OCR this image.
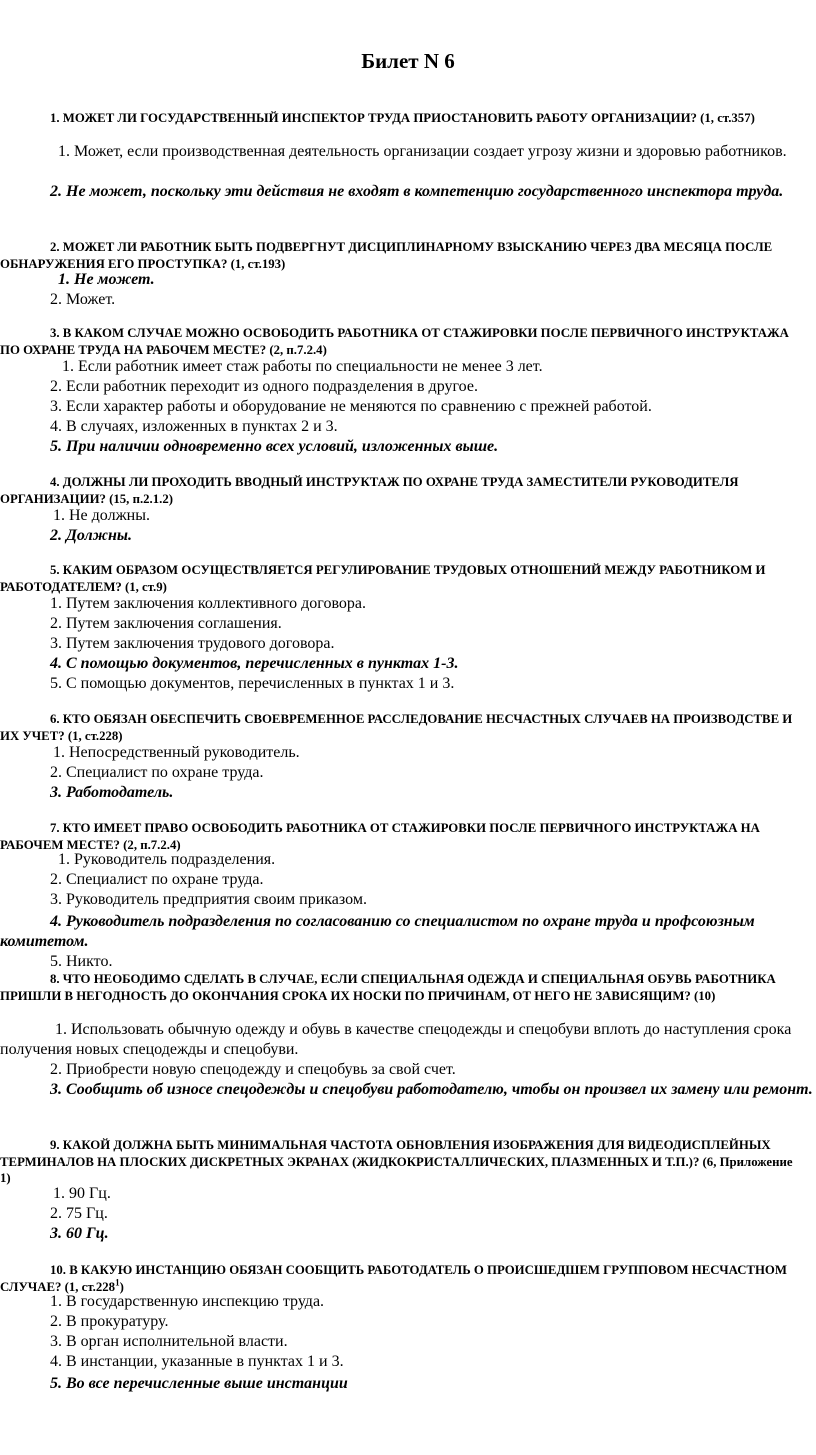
Билет N 6

1. МОЖЕТ ЛИ ГОСУДАРСТВЕННЫЙ ИНСПЕКТОР ТРУДА ПРИОСТАНОВИТЬ РАБОТУ ОРГАНИЗАЦИИ? (1, ст.357)

1. Может, если производственная деятельность организации создает угрозу жизни и здоровью работников.

2. Не может, поскольку эти действия не входят в компетенцию государственного инспектора труда.

2. МОЖЕТ ЛИ РАБОТНИК БЫТЬ ПОДВЕРГНУТ ДИСЦИПЛИНАРНОМУ ВЗЫСКАНИЮ ЧЕРЕЗ ДВА МЕСЯЦА ПОСЛЕ ОБНАРУЖЕНИЯ ЕГО ПРОСТУПКА? (1, ст.193)

1. Не может.

2. Может.

3. В КАКОМ СЛУЧАЕ МОЖНО ОСВОБОДИТЬ РАБОТНИКА ОТ СТАЖИРОВКИ ПОСЛЕ ПЕРВИЧНОГО ИНСТРУКТАЖА ПО ОХРАНЕ ТРУДА НА РАБОЧЕМ МЕСТЕ? (2, п.7.2.4)

1. Если работник имеет стаж работы по специальности не менее 3 лет.

2. Если работник переходит из одного подразделения в другое.

3. Если характер работы и оборудование не меняются по сравнению с прежней работой.

4. В случаях, изложенных в пунктах 2 и 3.

5. При наличии одновременно всех условий, изложенных выше.

4. ДОЛЖНЫ ЛИ ПРОХОДИТЬ ВВОДНЫЙ ИНСТРУКТАЖ ПО ОХРАНЕ ТРУДА ЗАМЕСТИТЕЛИ РУКОВОДИТЕЛЯ ОРГАНИЗАЦИИ? (15, п.2.1.2)

1. Не должны.

2. Должны.

5. КАКИМ ОБРАЗОМ ОСУЩЕСТВЛЯЕТСЯ РЕГУЛИРОВАНИЕ ТРУДОВЫХ ОТНОШЕНИЙ МЕЖДУ РАБОТНИКОМ И РАБОТОДАТЕЛЕМ? (1, ст.9)

1. Путем заключения коллективного договора.

2. Путем заключения соглашения.

3. Путем заключения трудового договора.

4. С помощью документов, перечисленных в пунктах 1-3.

5. С помощью документов, перечисленных в пунктах 1 и 3.

6. КТО ОБЯЗАН ОБЕСПЕЧИТЬ СВОЕВРЕМЕННОЕ РАССЛЕДОВАНИЕ НЕСЧАСТНЫХ СЛУЧАЕВ НА ПРОИЗВОДСТВЕ И ИХ УЧЕТ? (1, ст.228)

1. Непосредственный руководитель.

2. Специалист по охране труда.

3. Работодатель.

7. КТО ИМЕЕТ ПРАВО ОСВОБОДИТЬ РАБОТНИКА ОТ СТАЖИРОВКИ ПОСЛЕ ПЕРВИЧНОГО ИНСТРУКТАЖА НА РАБОЧЕМ МЕСТЕ? (2, п.7.2.4)

1. Руководитель подразделения.

2. Специалист по охране труда.

3. Руководитель предприятия своим приказом.

4. Руководитель подразделения по согласованию со специалистом по охране труда и профсоюзным комитетом.

5. Никто.

8. ЧТО НЕОБОДИМО СДЕЛАТЬ В СЛУЧАЕ, ЕСЛИ СПЕЦИАЛЬНАЯ ОДЕЖДА И СПЕЦИАЛЬНАЯ ОБУВЬ РАБОТНИКА ПРИШЛИ В НЕГОДНОСТЬ ДО ОКОНЧАНИЯ СРОКА ИХ НОСКИ ПО ПРИЧИНАМ, ОТ НЕГО НЕ ЗАВИСЯЩИМ? (10)

1. Использовать обычную одежду и обувь в качестве спецодежды и спецобуви вплоть до наступления срока получения новых спецодежды и спецобуви.

2. Приобрести новую спецодежду и спецобувь за свой счет.

3. Сообщить об износе спецодежды и спецобуви работодателю, чтобы он произвел их замену или ремонт.

9. КАКОЙ ДОЛЖНА БЫТЬ МИНИМАЛЬНАЯ ЧАСТОТА ОБНОВЛЕНИЯ ИЗОБРАЖЕНИЯ ДЛЯ ВИДЕОДИСПЛЕЙНЫХ ТЕРМИНАЛОВ НА ПЛОСКИХ ДИСКРЕТНЫХ ЭКРАНАХ (ЖИДКОКРИСТАЛЛИЧЕСКИХ, ПЛАЗМЕННЫХ И Т.П.)? (6, Приложение 1)

1. 90 Гц.

2. 75 Гц.

3. 60 Гц.

10. В КАКУЮ ИНСТАНЦИЮ ОБЯЗАН СООБЩИТЬ РАБОТОДАТЕЛЬ О ПРОИСШЕДШЕМ ГРУППОВОМ НЕСЧАСТНОМ СЛУЧАЕ? (1, ст.228$^1$)

1. В государственную инспекцию труда.

2. В прокуратуру.

3. В орган исполнительной власти.

4. В инстанции, указанные в пунктах 1 и 3.

5. Во все перечисленные выше инстанции
